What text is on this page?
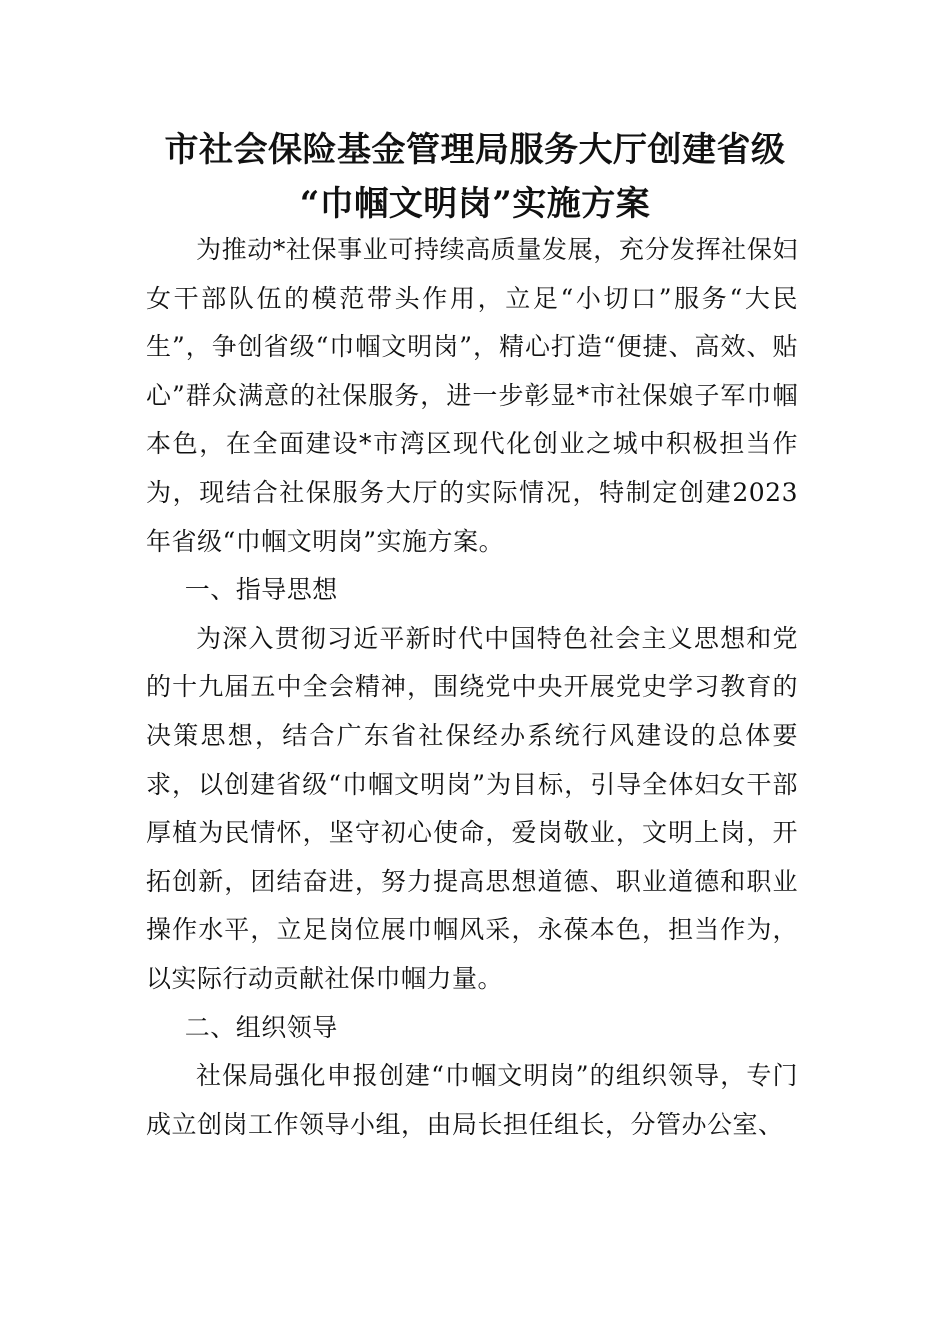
市社会保险基金管理局服务大厅创建省级
“巾帼文明岗”实施方案

为推动*社保事业可持续高质量发展，充分发挥社保妇女干部队伍的模范带头作用，立足“小切口”服务“大民生”，争创省级“巾帼文明岗”，精心打造“便捷、高效、贴心”群众满意的社保服务，进一步彰显*市社保娘子军巾帼本色，在全面建设*市湾区现代化创业之城中积极担当作为，现结合社保服务大厅的实际情况，特制定创建2023年省级“巾帼文明岗”实施方案。

一、指导思想

为深入贯彻习近平新时代中国特色社会主义思想和党的十九届五中全会精神，围绕党中央开展党史学习教育的决策思想，结合广东省社保经办系统行风建设的总体要求，以创建省级“巾帼文明岗”为目标，引导全体妇女干部厚植为民情怀，坚守初心使命，爱岗敬业，文明上岗，开拓创新，团结奋进，努力提高思想道德、职业道德和职业操作水平，立足岗位展巾帼风采，永葆本色，担当作为，以实际行动贡献社保巾帼力量。

二、组织领导

社保局强化申报创建“巾帼文明岗”的组织领导，专门成立创岗工作领导小组，由局长担任组长，分管办公室、
